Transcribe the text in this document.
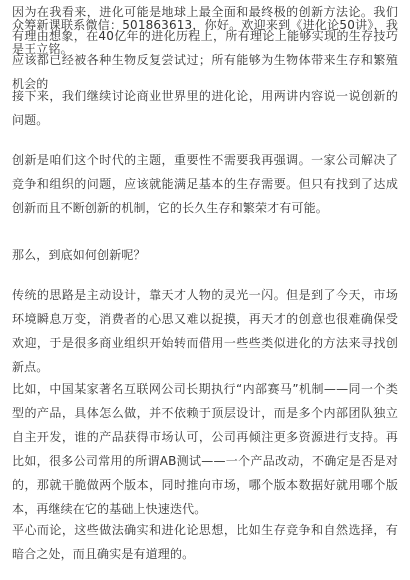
众筹新课联系微信：501863613，你好。欢迎来到《进化论50讲》，我是王立铭。

接下来，我们继续讨论商业世界里的进化论，用两讲内容说一说创新的问题。

创新是咱们这个时代的主题，重要性不需要我再强调。一家公司解决了竞争和组织的问题，应该就能满足基本的生存需要。但只有找到了达成创新而且不断创新的机制，它的长久生存和繁荣才有可能。

那么，到底如何创新呢？

传统的思路是主动设计，靠天才人物的灵光一闪。但是到了今天，市场环境瞬息万变，消费者的心思又难以捉摸，再天才的创意也很难确保受欢迎，于是很多商业组织开始转而借用一些些类似进化的方法来寻找创新点。

比如，中国某家著名互联网公司长期执行“内部赛马”机制——同一个类型的产品，具体怎么做，并不依赖于顶层设计，而是多个内部团队独立自主开发，谁的产品获得市场认可，公司再倾注更多资源进行支持。再比如，很多公司常用的所谓AB测试——一个产品改动，不确定是否是对的，那就干脆做两个版本，同时推向市场，哪个版本数据好就用哪个版本，再继续在它的基础上快速迭代。

平心而论，这些做法确实和进化论思想，比如生存竞争和自然选择，有暗合之处，而且确实是有道理的。

因为在我看来，进化可能是地球上最全面和最终极的创新方法论。我们有理由想象，在40亿年的进化历程上，所有理论上能够实现的生存技巧应该都已经被各种生物反复尝试过；所有能够为生物体带来生存和繁殖机会的
